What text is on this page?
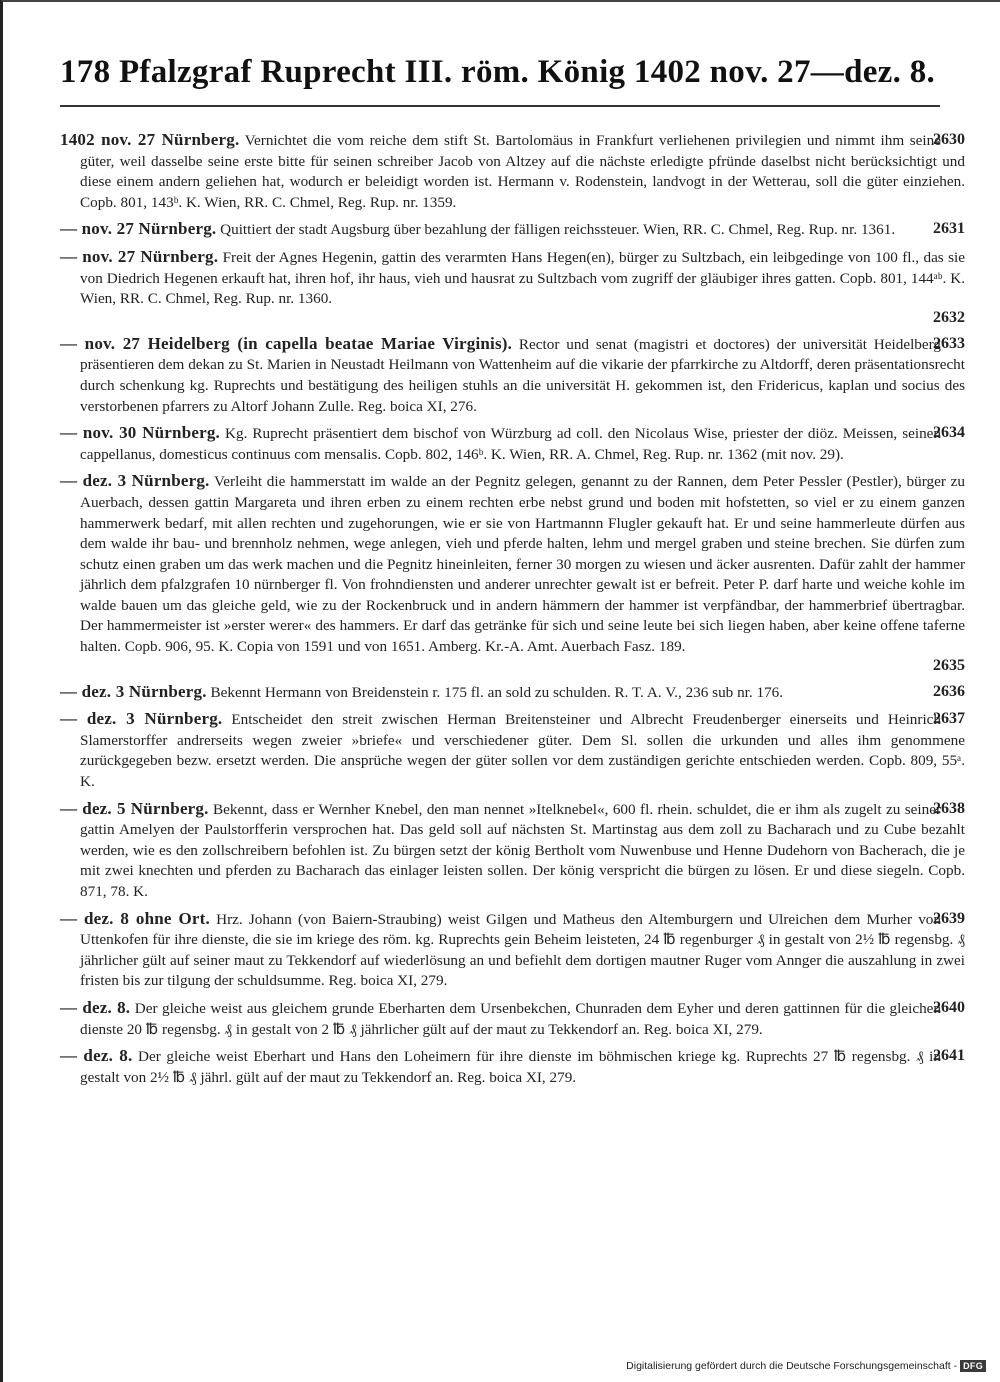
178 Pfalzgraf Ruprecht III. röm. König 1402 nov. 27—dez. 8.
2630
1402 nov. 27 Nürnberg. Vernichtet die vom reiche dem stift St. Bartolomäus in Frankfurt verliehenen privilegien und nimmt ihm seine güter, weil dasselbe seine erste bitte für seinen schreiber Jacob von Altzey auf die nächste erledigte pfründe daselbst nicht berücksichtigt und diese einem andern geliehen hat, wodurch er beleidigt worden ist. Hermann v. Rodenstein, landvogt in der Wetterau, soll die güter einziehen. Copb. 801, 143ᵇ. K. Wien, RR. C. Chmel, Reg. Rup. nr. 1359.
2631
— nov. 27 Nürnberg. Quittiert der stadt Augsburg über bezahlung der fälligen reichssteuer. Wien, RR. C. Chmel, Reg. Rup. nr. 1361.
— nov. 27 Nürnberg. Freit der Agnes Hegenin, gattin des verarmten Hans Hegen(en), bürger zu Sultzbach, ein leibgedinge von 100 fl., das sie von Diedrich Hegenen erkauft hat, ihren hof, ihr haus, vieh und hausrat zu Sultzbach vom zugriff der gläubiger ihres gatten. Copb. 801, 144ᵃᵇ. K. Wien, RR. C. Chmel, Reg. Rup. nr. 1360.
2632
2633
— nov. 27 Heidelberg (in capella beatae Mariae Virginis). Rector und senat (magistri et doctores) der universität Heidelberg präsentieren dem dekan zu St. Marien in Neustadt Heilmann von Wattenheim auf die vikarie der pfarrkirche zu Altdorff, deren präsentationsrecht durch schenkung kg. Ruprechts und bestätigung des heiligen stuhls an die universität H. gekommen ist, den Fridericus, kaplan und socius des verstorbenen pfarrers zu Altorf Johann Zulle. Reg. boica XI, 276.
2634
— nov. 30 Nürnberg. Kg. Ruprecht präsentiert dem bischof von Würzburg ad coll. den Nicolaus Wise, priester der diöz. Meissen, seinen cappellanus, domesticus continuus com mensalis. Copb. 802, 146ᵇ. K. Wien, RR. A. Chmel, Reg. Rup. nr. 1362 (mit nov. 29).
— dez. 3 Nürnberg. Verleiht die hammerstatt im walde an der Pegnitz gelegen, genannt zu der Rannen, dem Peter Pessler (Pestler), bürger zu Auerbach, dessen gattin Margareta und ihren erben zu einem rechten erbe nebst grund und boden mit hofstetten, so viel er zu einem ganzen hammerwerk bedarf, mit allen rechten und zugehorungen, wie er sie von Hartmannn Flugler gekauft hat. Er und seine hammerleute dürfen aus dem walde ihr bau- und brennholz nehmen, wege anlegen, vieh und pferde halten, lehm und mergel graben und steine brechen. Sie dürfen zum schutz einen graben um das werk machen und die Pegnitz hineinleiten, ferner 30 morgen zu wiesen und äcker ausrenten. Dafür zahlt der hammer jährlich dem pfalzgrafen 10 nürnberger fl. Von frohndiensten und anderer unrechter gewalt ist er befreit. Peter P. darf harte und weiche kohle im walde bauen um das gleiche geld, wie zu der Rockenbruck und in andern hämmern der hammer ist verpfändbar, der hammerbrief übertragbar. Der hammermeister ist »erster werer« des hammers. Er darf das getränke für sich und seine leute bei sich liegen haben, aber keine offene taferne halten. Copb. 906, 95. K. Copia von 1591 und von 1651. Amberg. Kr.-A. Amt. Auerbach Fasz. 189.
2635
2636
— dez. 3 Nürnberg. Bekennt Hermann von Breidenstein r. 175 fl. an sold zu schulden. R. T. A. V., 236 sub nr. 176.
2637
— dez. 3 Nürnberg. Entscheidet den streit zwischen Herman Breitensteiner und Albrecht Freudenberger einerseits und Heinrich Slamerstorffer andrerseits wegen zweier »briefe« und verschiedener güter. Dem Sl. sollen die urkunden und alles ihm genommene zurückgegeben bezw. ersetzt werden. Die ansprüche wegen der güter sollen vor dem zuständigen gerichte entschieden werden. Copb. 809, 55ᵃ. K.
2638
— dez. 5 Nürnberg. Bekennt, dass er Wernher Knebel, den man nennet »Itelknebel«, 600 fl. rhein. schuldet, die er ihm als zugelt zu seiner gattin Amelyen der Paulstorfferin versprochen hat. Das geld soll auf nächsten St. Martinstag aus dem zoll zu Bacharach und zu Cube bezahlt werden, wie es den zollschreibern befohlen ist. Zu bürgen setzt der könig Bertholt vom Nuwenbuse und Henne Dudehorn von Bacherach, die je mit zwei knechten und pferden zu Bacharach das einlager leisten sollen. Der könig verspricht die bürgen zu lösen. Er und diese siegeln. Copb. 871, 78. K.
2639
— dez. 8 ohne Ort. Hrz. Johann (von Baiern-Straubing) weist Gilgen und Matheus den Altemburgern und Ulreichen dem Murher von Uttenkofen für ihre dienste, die sie im kriege des röm. kg. Ruprechts gein Beheim leisteten, 24 ℔ regenburger ₰ in gestalt von 2½ ℔ regensbg. ₰ jährlicher gült auf seiner maut zu Tekkendorf auf wiederlösung an und befiehlt dem dortigen mautner Ruger vom Annger die auszahlung in zwei fristen bis zur tilgung der schuldsumme. Reg. boica XI, 279.
2640
— dez. 8. Der gleiche weist aus gleichem grunde Eberharten dem Ursenbekchen, Chunraden dem Eyher und deren gattinnen für die gleichen dienste 20 ℔ regensbg. ₰ in gestalt von 2 ℔ ₰ jährlicher gült auf der maut zu Tekkendorf an. Reg. boica XI, 279.
2641
— dez. 8. Der gleiche weist Eberhart und Hans den Loheimern für ihre dienste im böhmischen kriege kg. Ruprechts 27 ℔ regensbg. ₰ in gestalt von 2½ ℔ ₰ jährl. gült auf der maut zu Tekkendorf an. Reg. boica XI, 279.
Digitalisierung gefördert durch die Deutsche Forschungsgemeinschaft - DFG
